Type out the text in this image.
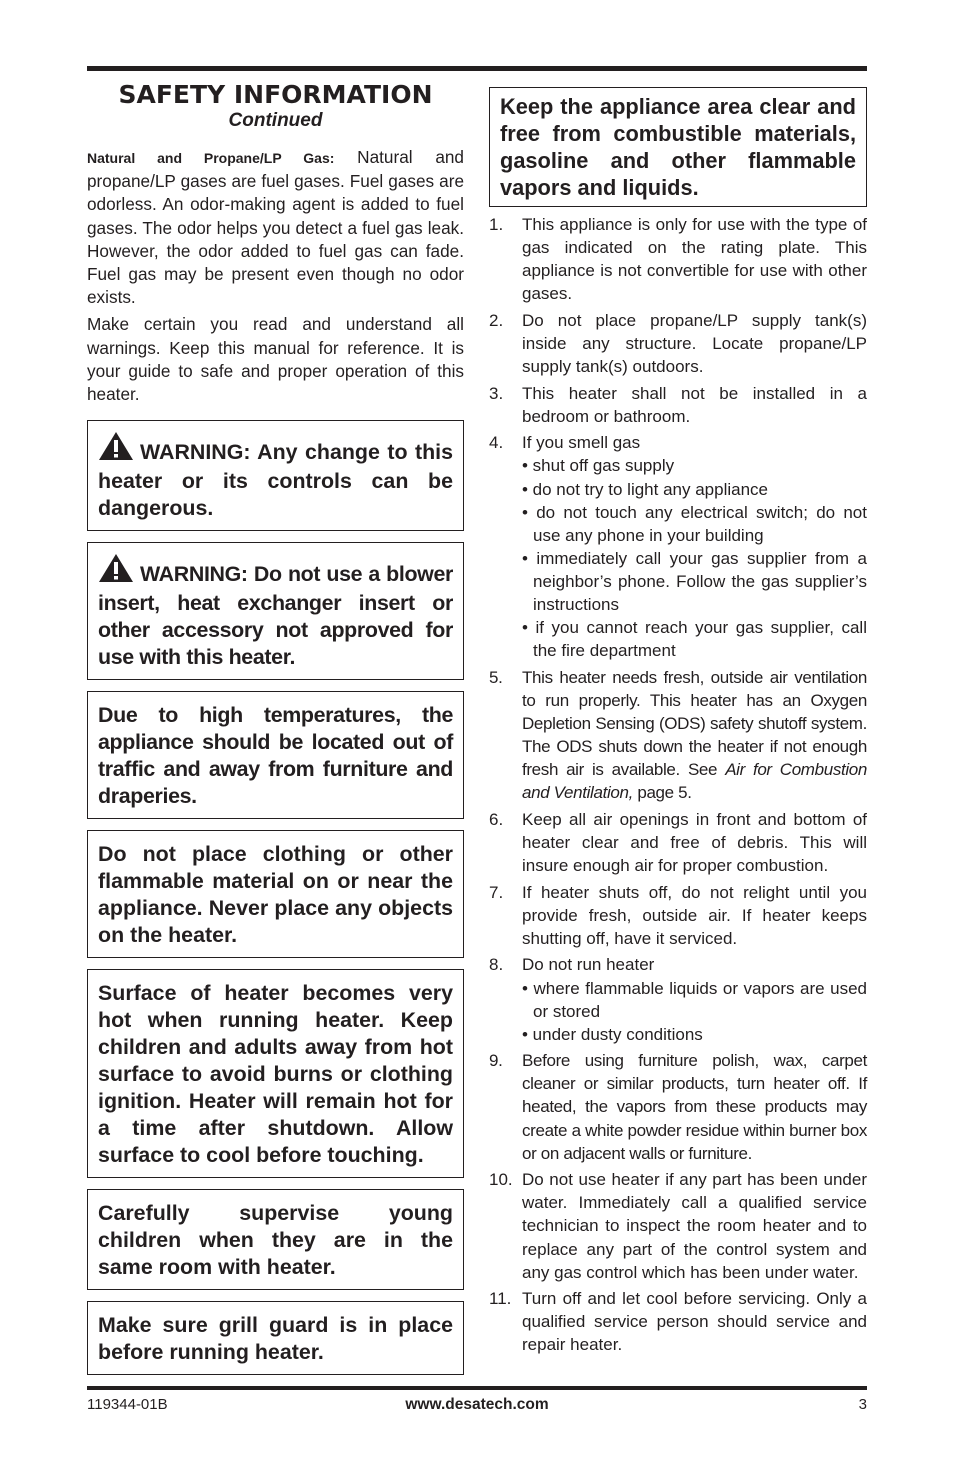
SAFETY INFORMATION

Continued

Natural and Propane/LP Gas: Natural and propane/LP gases are fuel gases. Fuel gases are odorless. An odor-making agent is added to fuel gases. The odor helps you detect a fuel gas leak. However, the odor added to fuel gas can fade. Fuel gas may be present even though no odor exists.

Make certain you read and understand all warnings. Keep this manual for reference. It is your guide to safe and proper operation of this heater.

WARNING: Any change to this heater or its controls can be dangerous.
WARNING: Do not use a blower insert, heat exchanger insert or other accessory not approved for use with this heater.
Due to high temperatures, the appliance should be located out of traffic and away from furniture and draperies.
Do not place clothing or other flammable material on or near the appliance. Never place any objects on the heater.
Surface of heater becomes very hot when running heater. Keep children and adults away from hot surface to avoid burns or clothing ignition. Heater will remain hot for a time after shutdown. Allow surface to cool before touching.
Carefully supervise young children when they are in the same room with heater.
Make sure grill guard is in place before running heater.
Keep the appliance area clear and free from combustible materials, gasoline and other flammable vapors and liquids.
1. This appliance is only for use with the type of gas indicated on the rating plate. This appliance is not convertible for use with other gases.
2. Do not place propane/LP supply tank(s) inside any structure. Locate propane/LP supply tank(s) outdoors.
3. This heater shall not be installed in a bedroom or bathroom.
4. If you smell gas
• shut off gas supply
• do not try to light any appliance
• do not touch any electrical switch; do not use any phone in your building
• immediately call your gas supplier from a neighbor’s phone. Follow the gas supplier’s instructions
• if you cannot reach your gas supplier, call the fire department
5. This heater needs fresh, outside air ventilation to run properly. This heater has an Oxygen Depletion Sensing (ODS) safety shutoff system. The ODS shuts down the heater if not enough fresh air is available. See Air for Combustion and Ventilation, page 5.
6. Keep all air openings in front and bottom of heater clear and free of debris. This will insure enough air for proper combustion.
7. If heater shuts off, do not relight until you provide fresh, outside air. If heater keeps shutting off, have it serviced.
8. Do not run heater
• where flammable liquids or vapors are used or stored
• under dusty conditions
9. Before using furniture polish, wax, carpet cleaner or similar products, turn heater off. If heated, the vapors from these products may create a white powder residue within burner box or on adjacent walls or furniture.
10. Do not use heater if any part has been under water. Immediately call a qualified service technician to inspect the room heater and to replace any part of the control system and any gas control which has been under water.
11. Turn off and let cool before servicing. Only a qualified service person should service and repair heater.
119344-01B	www.desatech.com	3
